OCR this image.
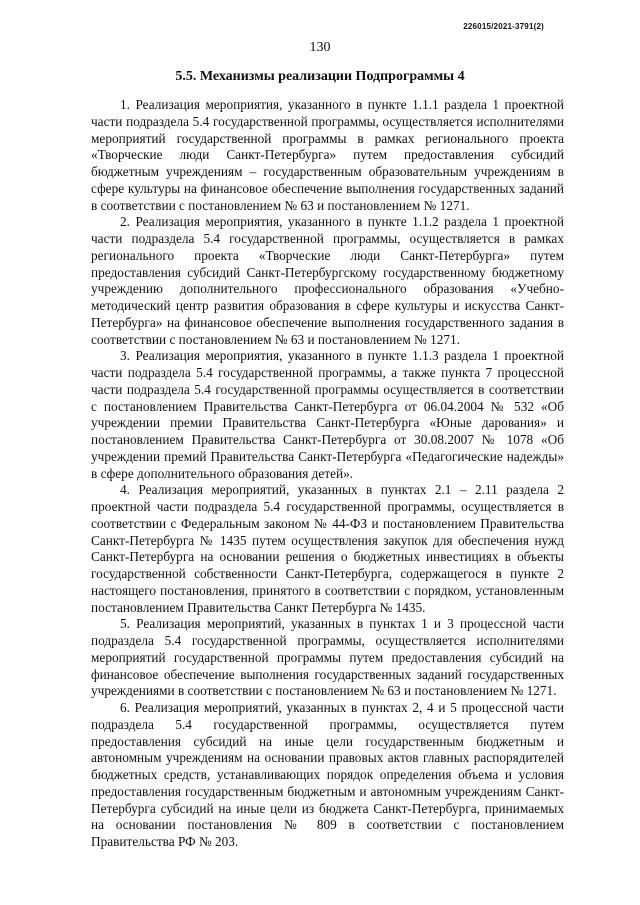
226015/2021-3791(2)
130
5.5. Механизмы реализации Подпрограммы 4

1. Реализация мероприятия, указанного в пункте 1.1.1 раздела 1 проектной части подраздела 5.4 государственной программы, осуществляется исполнителями мероприятий государственной программы в рамках регионального проекта «Творческие люди Санкт-Петербурга» путем предоставления субсидий бюджетным учреждениям – государственным образовательным учреждениям в сфере культуры на финансовое обеспечение выполнения государственных заданий в соответствии с постановлением № 63 и постановлением № 1271.

2. Реализация мероприятия, указанного в пункте 1.1.2 раздела 1 проектной части подраздела 5.4 государственной программы, осуществляется в рамках регионального проекта «Творческие люди Санкт-Петербурга» путем предоставления субсидий Санкт-Петербургскому государственному бюджетному учреждению дополнительного профессионального образования «Учебно-методический центр развития образования в сфере культуры и искусства Санкт-Петербурга» на финансовое обеспечение выполнения государственного задания в соответствии с постановлением № 63 и постановлением № 1271.

3. Реализация мероприятия, указанного в пункте 1.1.3 раздела 1 проектной части подраздела 5.4 государственной программы, а также пункта 7 процессной части подраздела 5.4 государственной программы осуществляется в соответствии с постановлением Правительства Санкт-Петербурга от 06.04.2004 № 532 «Об учреждении премии Правительства Санкт-Петербурга «Юные дарования» и постановлением Правительства Санкт-Петербурга от 30.08.2007 № 1078 «Об учреждении премий Правительства Санкт-Петербурга «Педагогические надежды» в сфере дополнительного образования детей».

4. Реализация мероприятий, указанных в пунктах 2.1 – 2.11 раздела 2 проектной части подраздела 5.4 государственной программы, осуществляется в соответствии с Федеральным законом № 44-ФЗ и постановлением Правительства Санкт-Петербурга № 1435 путем осуществления закупок для обеспечения нужд Санкт-Петербурга на основании решения о бюджетных инвестициях в объекты государственной собственности Санкт-Петербурга, содержащегося в пункте 2 настоящего постановления, принятого в соответствии с порядком, установленным постановлением Правительства Санкт Петербурга № 1435.

5. Реализация мероприятий, указанных в пунктах 1 и 3 процессной части подраздела 5.4 государственной программы, осуществляется исполнителями мероприятий государственной программы путем предоставления субсидий на финансовое обеспечение выполнения государственных заданий государственных учреждениями в соответствии с постановлением № 63 и постановлением № 1271.

6. Реализация мероприятий, указанных в пунктах 2, 4 и 5 процессной части подраздела 5.4 государственной программы, осуществляется путем предоставления субсидий на иные цели государственным бюджетным и автономным учреждениям на основании правовых актов главных распорядителей бюджетных средств, устанавливающих порядок определения объема и условия предоставления государственным бюджетным и автономным учреждениям Санкт-Петербурга субсидий на иные цели из бюджета Санкт-Петербурга, принимаемых на основании постановления № 809 в соответствии с постановлением Правительства РФ № 203.
